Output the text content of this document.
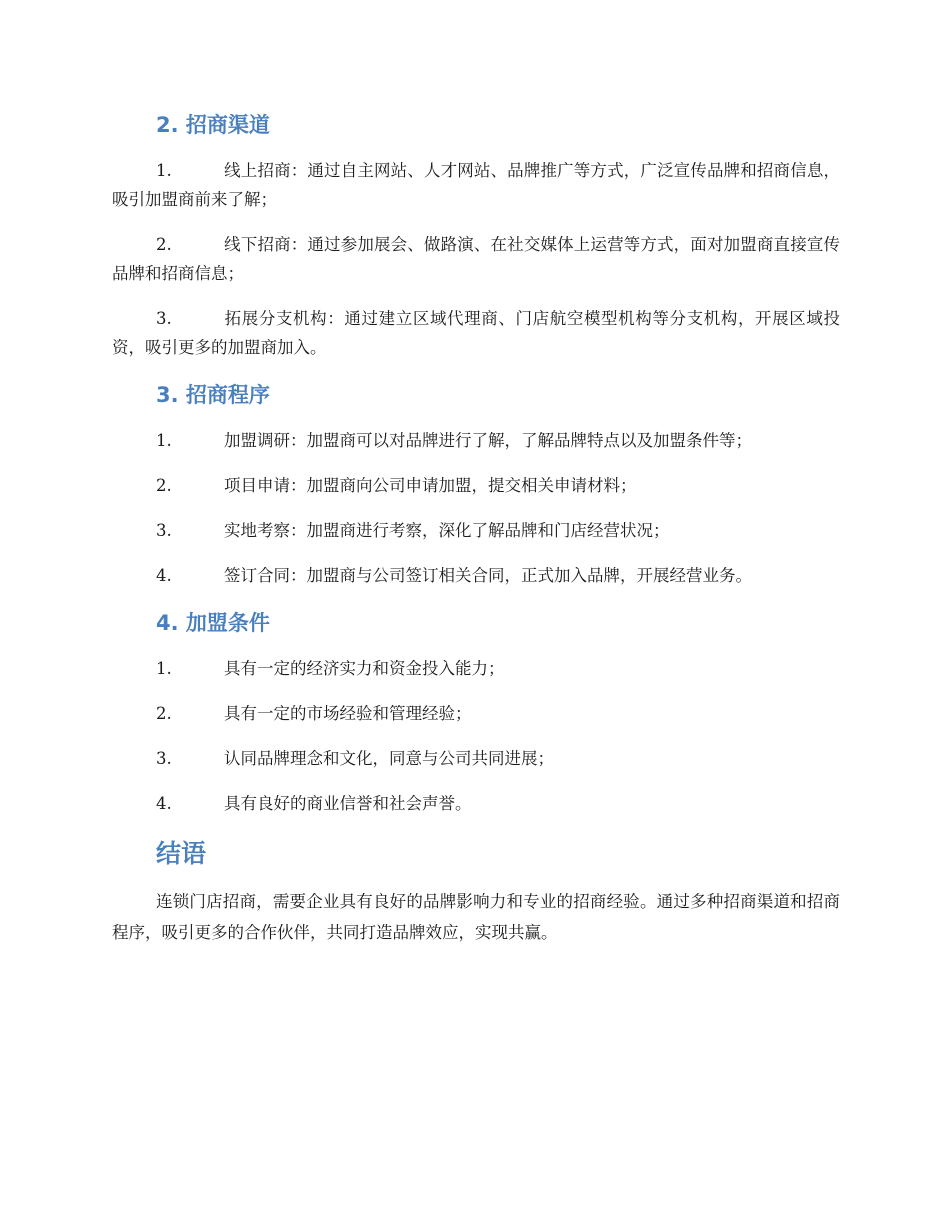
2. 招商渠道
1.	线上招商：通过自主网站、人才网站、品牌推广等方式，广泛宣传品牌和招商信息，吸引加盟商前来了解；
2.	线下招商：通过参加展会、做路演、在社交媒体上运营等方式，面对加盟商直接宣传品牌和招商信息；
3.	拓展分支机构：通过建立区域代理商、门店航空模型机构等分支机构，开展区域投资，吸引更多的加盟商加入。
3. 招商程序
1.	加盟调研：加盟商可以对品牌进行了解，了解品牌特点以及加盟条件等；
2.	项目申请：加盟商向公司申请加盟，提交相关申请材料；
3.	实地考察：加盟商进行考察，深化了解品牌和门店经营状况；
4.	签订合同：加盟商与公司签订相关合同，正式加入品牌，开展经营业务。
4. 加盟条件
1.	具有一定的经济实力和资金投入能力；
2.	具有一定的市场经验和管理经验；
3.	认同品牌理念和文化，同意与公司共同进展；
4.	具有良好的商业信誉和社会声誉。
结语

连锁门店招商，需要企业具有良好的品牌影响力和专业的招商经验。通过多种招商渠道和招商程序，吸引更多的合作伙伴，共同打造品牌效应，实现共赢。
